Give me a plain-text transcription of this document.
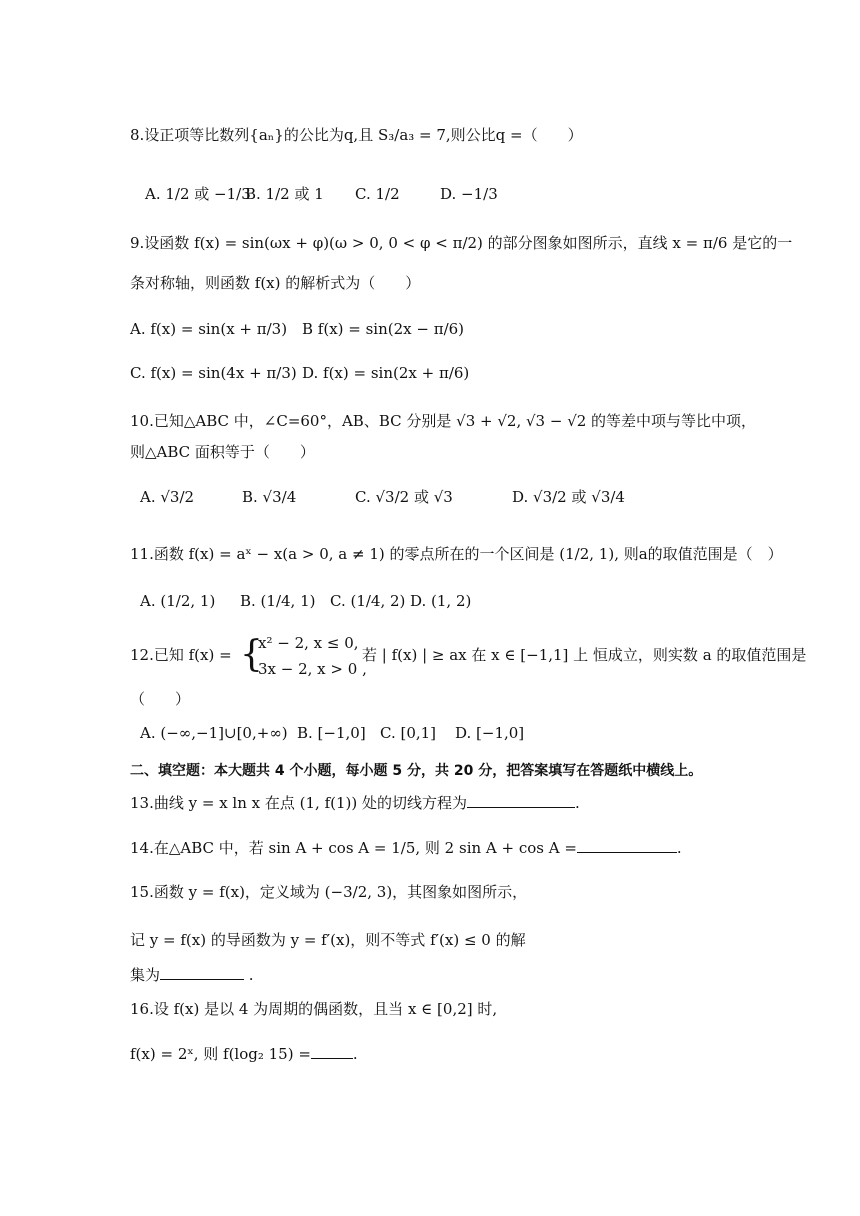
8.设正项等比数列{aₙ}的公比为q,且 S₃/a₃ = 7,则公比q =（　　）
A. 1/2 或 −1/3
B. 1/2 或 1 C. 1/2	D. −1/3
9.设函数 f(x) = sin(ωx + φ)(ω > 0, 0 < φ < π/2) 的部分图象如图所示，直线 x = π/6 是它的一
条对称轴，则函数 f(x) 的解析式为（　　）
A. f(x) = sin(x + π/3) B f(x) = sin(2x − π/6)
C. f(x) = sin(4x + π/3) D. f(x) = sin(2x + π/6)
10.已知△ABC 中，∠C=60°，AB、BC 分别是 √3 + √2, √3 − √2 的等差中项与等比中项，
则△ABC 面积等于（　　）
A. √3/2	B. √3/4	C. √3/2 或 √3	D. √3/2 或 √3/4
11.函数 f(x) = aˣ − x(a > 0, a ≠ 1) 的零点所在的一个区间是 (1/2, 1), 则a的取值范围是（　）
A. (1/2, 1) B. (1/4, 1) C. (1/4, 2) D. (1, 2)
12.已知 f(x) = {
x² − 2, x ≤ 0,
3x − 2, x > 0 ,
若 | f(x) | ≥ ax 在 x ∈ [−1,1] 上 恒成立，则实数 a 的取值范围是
（　　）
A. (−∞,−1]∪[0,+∞) B. [−1,0] C. [0,1] D. [−1,0]
二、填空题：本大题共 4 个小题，每小题 5 分，共 20 分，把答案填写在答题纸中横线上。
13.曲线 y = x ln x 在点 (1, f(1)) 处的切线方程为	.
14.在△ABC 中，若 sin A + cos A = 1/5, 则 2 sin A + cos A =	.
15.函数 y = f(x)，定义域为 (−3/2, 3)，其图象如图所示，
记 y = f(x) 的导函数为 y = f′(x)，则不等式 f′(x) ≤ 0 的解
集为	.
16.设 f(x) 是以 4 为周期的偶函数，且当 x ∈ [0,2] 时,
f(x) = 2ˣ, 则 f(log₂ 15) =	.
